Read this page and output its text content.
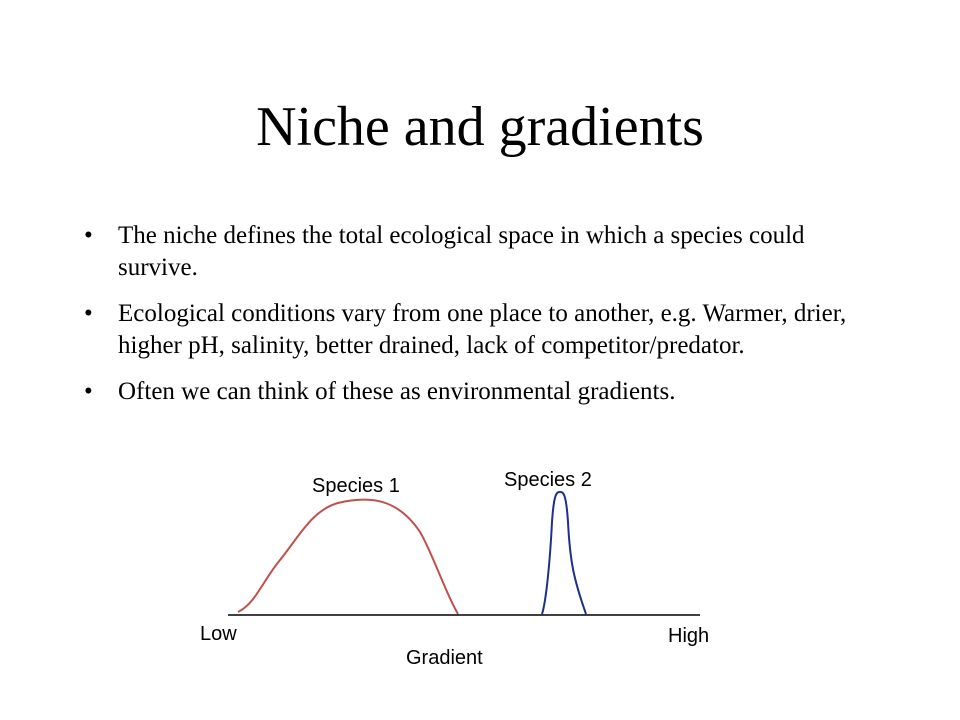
Niche and gradients
•	The niche defines the total ecological space in which a species could survive.
•	Ecological conditions vary from one place to another, e.g. Warmer, drier, higher pH, salinity, better drained, lack of competitor/predator.
•	Often we can think of these as environmental gradients.
Species 1	Species 2
Low	High
Gradient
